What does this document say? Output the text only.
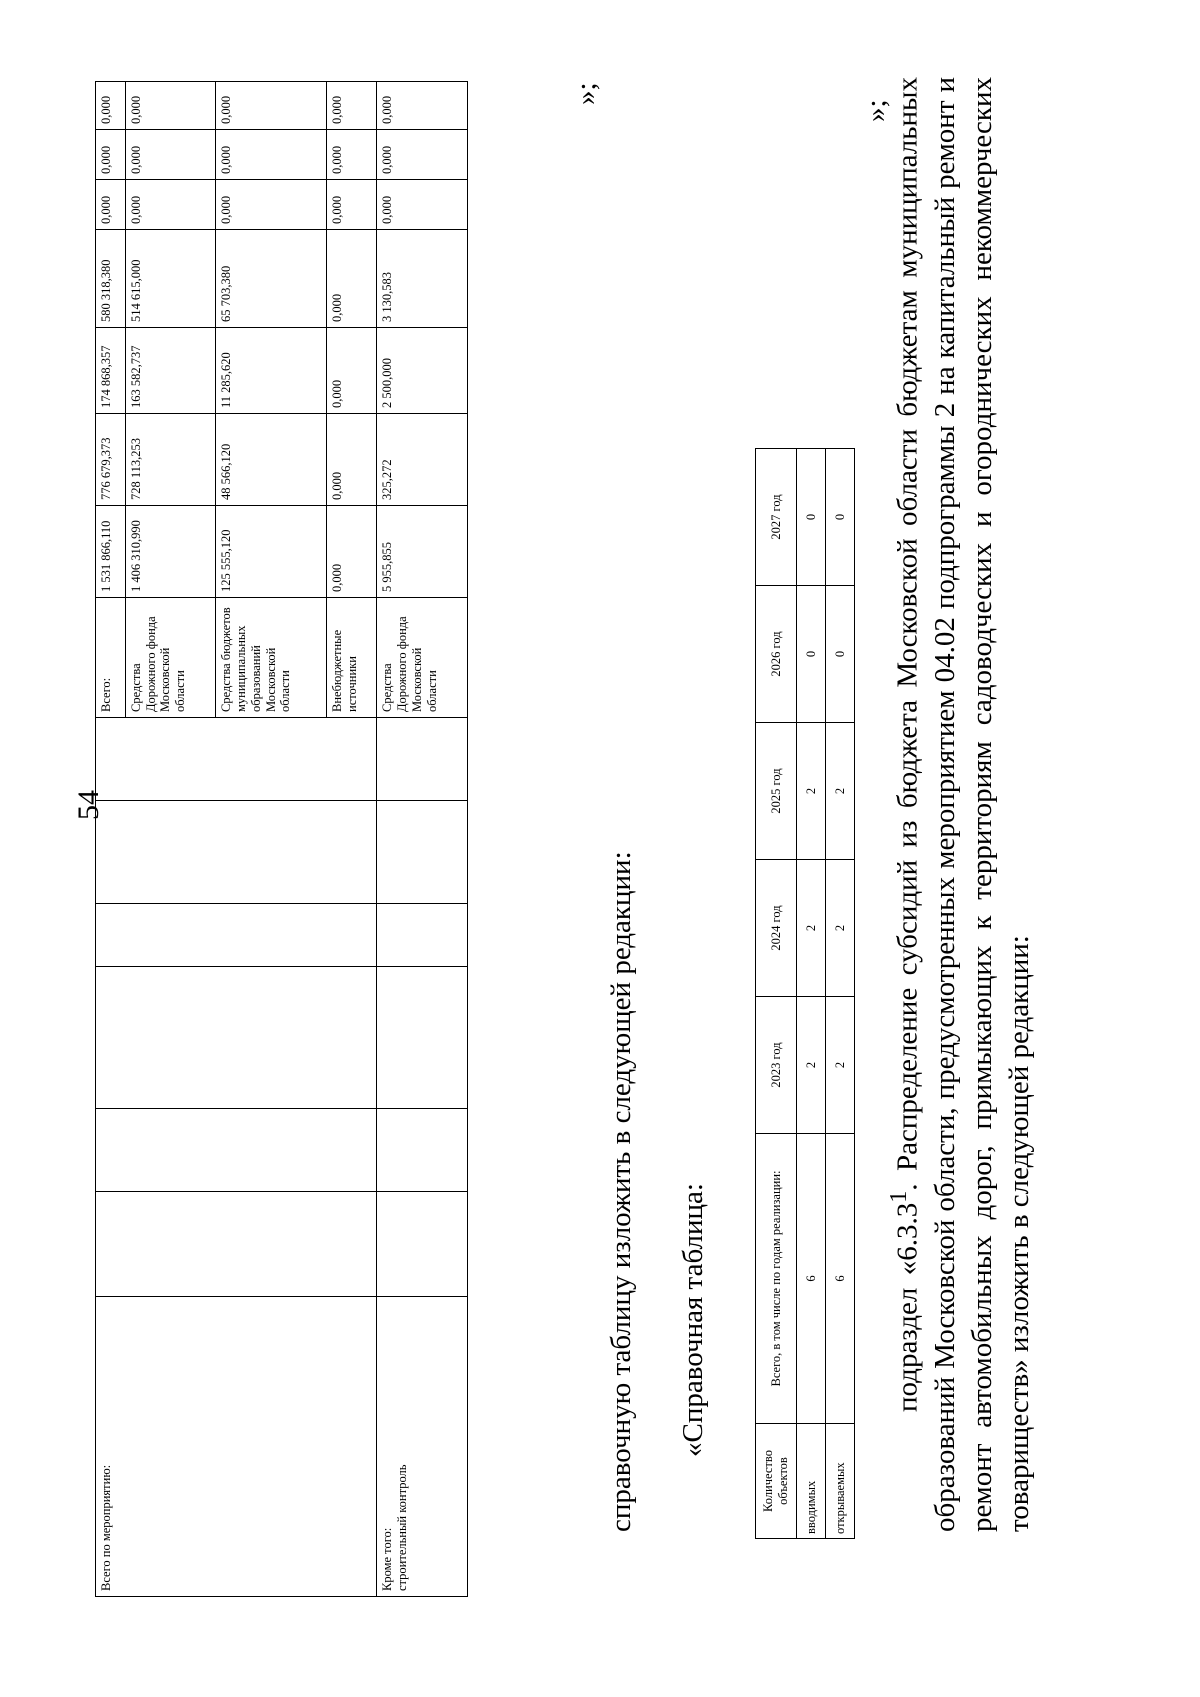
54
Всего по мероприятию:							Всего:	1 531 866,110	776 679,373	174 868,357	580 318,380	0,000	0,000	0,000
							Средства Дорожного фонда Московской области	1 406 310,990	728 113,253	163 582,737	514 615,000	0,000	0,000	0,000
							Средства бюджетов муниципальных образований Московской области	125 555,120	48 566,120	11 285,620	65 703,380	0,000	0,000	0,000
							Внебюджетные источники	0,000	0,000	0,000	0,000	0,000	0,000	0,000
Кроме того:
строительный контроль							Средства Дорожного фонда Московской области	5 955,855	325,272	2 500,000	3 130,583	0,000	0,000	0,000
»;
справочную таблицу изложить в следующей редакции: «Справочная таблица:
Количество объектов	Всего, в том числе по годам реализации:	2023 год	2024 год	2025 год	2026 год	2027 год
вводимых	6	2	2	2	0	0
открываемых	6	2	2	2	0	0
»;
подраздел «6.3.3$^1$. Распределение субсидий из бюджета Московской области бюджетам муниципальных образований Московской области, предусмотренных мероприятием 04.02 подпрограммы 2 на капитальный ремонт и ремонт автомобильных дорог, примыкающих к территориям садоводческих и огороднических некоммерческих товариществ» изложить в следующей редакции:
